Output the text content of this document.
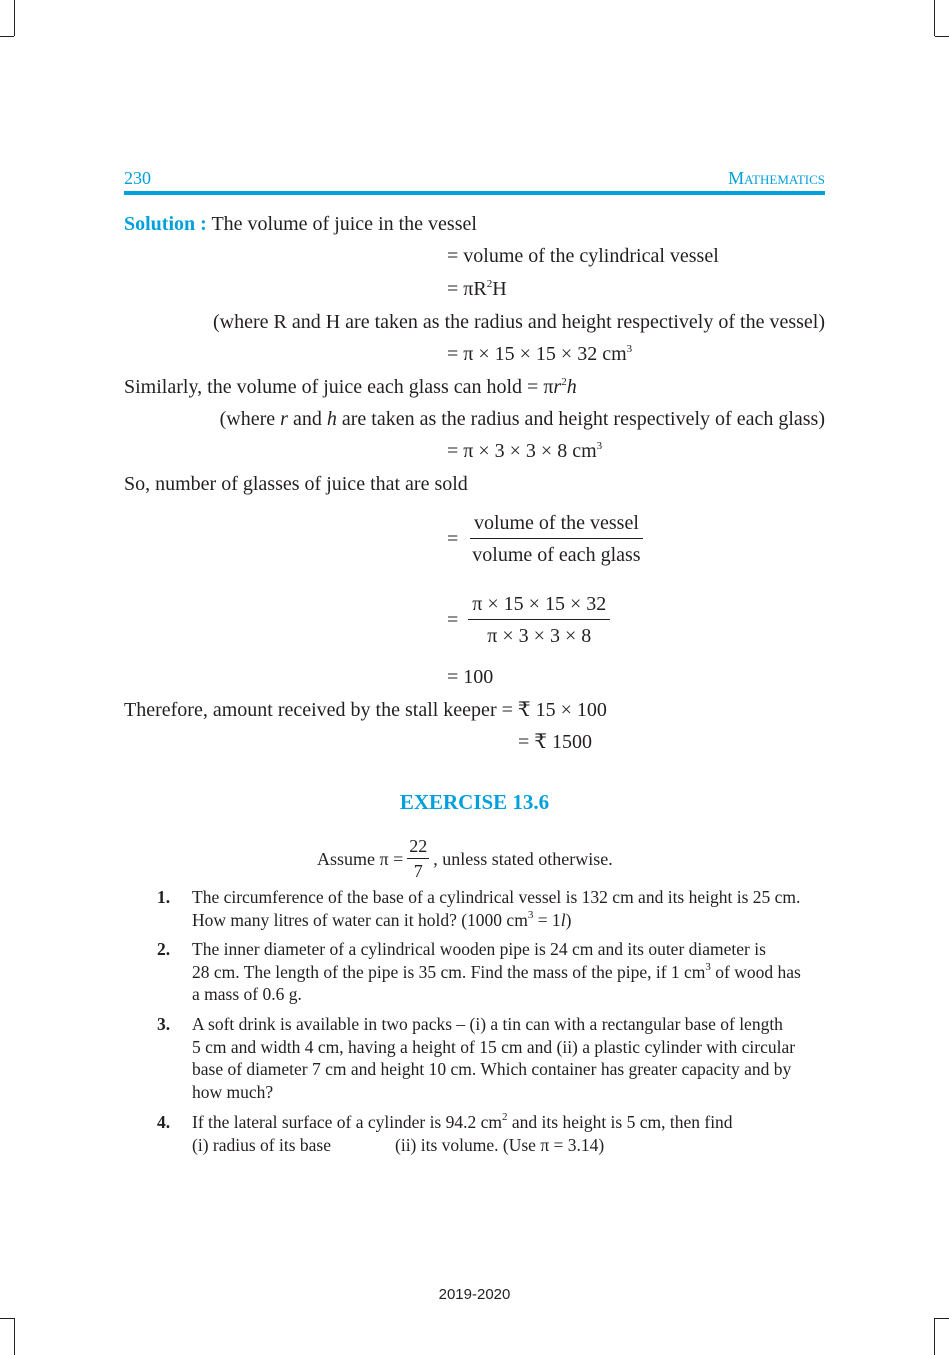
230	Mathematics
Solution : The volume of juice in the vessel
= volume of the cylindrical vessel
= $\pi R^2H$
(where R and H are taken as the radius and height respectively of the vessel)
= π × 15 × 15 × 32 $cm^3$
Similarly, the volume of juice each glass can hold = $\pi r^2h$
(where r and h are taken as the radius and height respectively of each glass)
= π × 3 × 3 × 8 $cm^3$
So, number of glasses of juice that are sold
= $\frac{\text{volume of the vessel}}{\text{volume of each glass}}$
= $\frac{\pi \times 15 \times 15 \times 32}{\pi \times 3 \times 3 \times 8}$
= 100
Therefore, amount received by the stall keeper = ₹ 15 × 100
= ₹ 1500
EXERCISE 13.6
Assume $\pi = \frac{22}{7}$ , unless stated otherwise.
1. The circumference of the base of a cylindrical vessel is 132 cm and its height is 25 cm.
How many litres of water can it hold? (1000 $cm^3 = 1l$)
2. The inner diameter of a cylindrical wooden pipe is 24 cm and its outer diameter is
28 cm. The length of the pipe is 35 cm. Find the mass of the pipe, if 1 $cm^3$ of wood has
a mass of 0.6 g.
3. A soft drink is available in two packs – (i) a tin can with a rectangular base of length
5 cm and width 4 cm, having a height of 15 cm and (ii) a plastic cylinder with circular
base of diameter 7 cm and height 10 cm. Which container has greater capacity and by
how much?
4. If the lateral surface of a cylinder is 94.2 $cm^2$ and its height is 5 cm, then find
(i) radius of its base	(ii) its volume. (Use π = 3.14)
2019-2020
